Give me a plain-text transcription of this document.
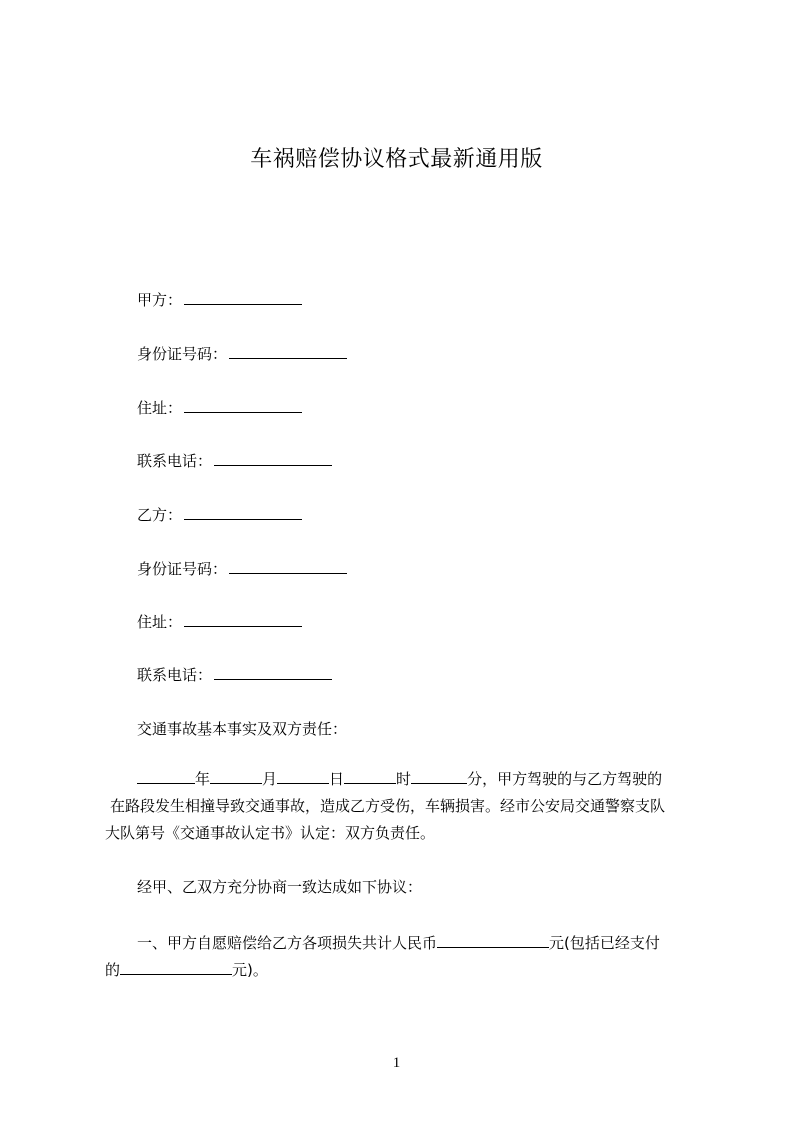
车祸赔偿协议格式最新通用版
甲方：
身份证号码：
住址：
联系电话：
乙方：
身份证号码：
住址：
联系电话：
交通事故基本事实及双方责任：
年	月	日	时	分，甲方驾驶的与乙方驾驶的
在路段发生相撞导致交通事故，造成乙方受伤，车辆损害。经市公安局交通警察支队
大队第号《交通事故认定书》认定：双方负责任。
经甲、乙双方充分协商一致达成如下协议：
一、甲方自愿赔偿给乙方各项损失共计人民币	元(包括已经支付
的	元)。
1
